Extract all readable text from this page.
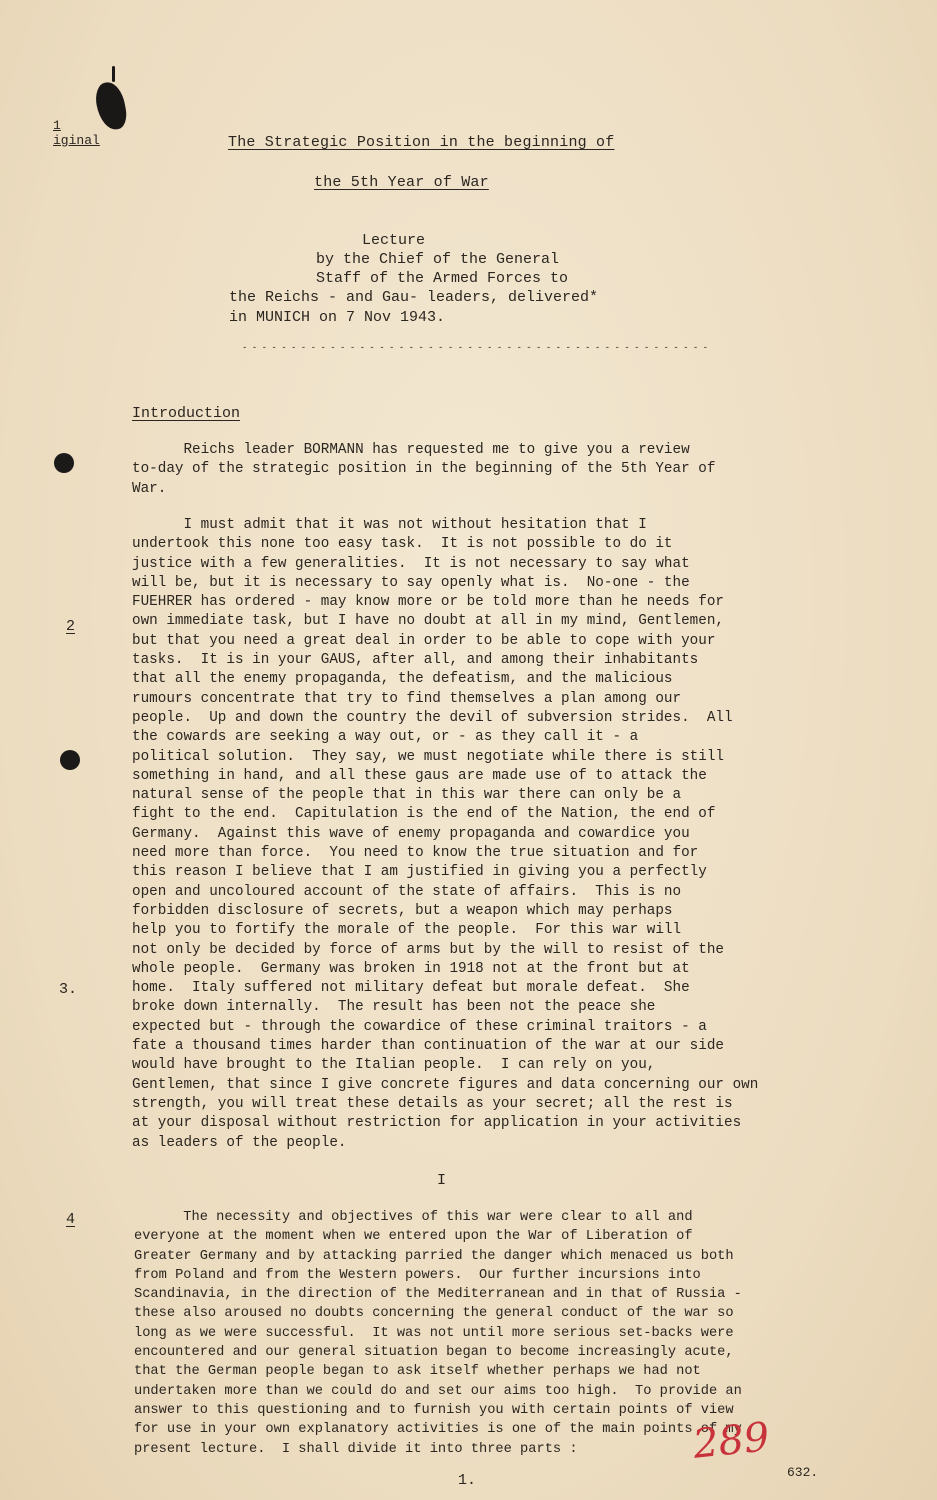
1
iginal
2
3.
4
The Strategic Position in the beginning of
the 5th Year of War
Lecture
by the Chief of the General
Staff of the Armed Forces to
the Reichs - and Gau- leaders, delivered*
in MUNICH on 7 Nov 1943.
- - - - - - - - - - - - - - - - - - - - - - - - - - - - - - - - - - - - - - - - - - - - - - - -
Introduction
Reichs leader BORMANN has requested me to give you a review
to-day of the strategic position in the beginning of the 5th Year of
War.
I must admit that it was not without hesitation that I
undertook this none too easy task.  It is not possible to do it
justice with a few generalities.  It is not necessary to say what
will be, but it is necessary to say openly what is.  No-one - the
FUEHRER has ordered - may know more or be told more than he needs for
own immediate task, but I have no doubt at all in my mind, Gentlemen,
but that you need a great deal in order to be able to cope with your
tasks.  It is in your GAUS, after all, and among their inhabitants
that all the enemy propaganda, the defeatism, and the malicious
rumours concentrate that try to find themselves a plan among our
people.  Up and down the country the devil of subversion strides.  All
the cowards are seeking a way out, or - as they call it - a
political solution.  They say, we must negotiate while there is still
something in hand, and all these gaus are made use of to attack the
natural sense of the people that in this war there can only be a
fight to the end.  Capitulation is the end of the Nation, the end of
Germany.  Against this wave of enemy propaganda and cowardice you
need more than force.  You need to know the true situation and for
this reason I believe that I am justified in giving you a perfectly
open and uncoloured account of the state of affairs.  This is no
forbidden disclosure of secrets, but a weapon which may perhaps
help you to fortify the morale of the people.  For this war will
not only be decided by force of arms but by the will to resist of the
whole people.  Germany was broken in 1918 not at the front but at
home.  Italy suffered not military defeat but morale defeat.  She
broke down internally.  The result has been not the peace she
expected but - through the cowardice of these criminal traitors - a
fate a thousand times harder than continuation of the war at our side
would have brought to the Italian people.  I can rely on you,
Gentlemen, that since I give concrete figures and data concerning our own
strength, you will treat these details as your secret; all the rest is
at your disposal without restriction for application in your activities
as leaders of the people.
I
The necessity and objectives of this war were clear to all and
everyone at the moment when we entered upon the War of Liberation of
Greater Germany and by attacking parried the danger which menaced us both
from Poland and from the Western powers.  Our further incursions into
Scandinavia, in the direction of the Mediterranean and in that of Russia -
these also aroused no doubts concerning the general conduct of the war so
long as we were successful.  It was not until more serious set-backs were
encountered and our general situation began to become increasingly acute,
that the German people began to ask itself whether perhaps we had not
undertaken more than we could do and set our aims too high.  To provide an
answer to this questioning and to furnish you with certain points of view
for use in your own explanatory activities is one of the main points of my
present lecture.  I shall divide it into three parts :
1.
289
632.
